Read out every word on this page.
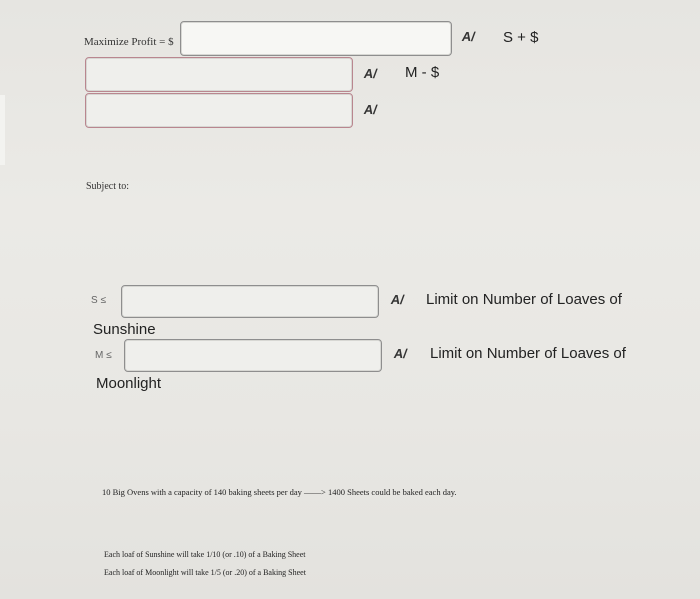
Maximize Profit = $	A/ S + $
A/ M - $
A/
Subject to:
S ≤	A/ Limit on Number of Loaves of
Sunshine
M ≤	A/ Limit on Number of Loaves of
Moonlight
10 Big Ovens with a capacity of 140 baking sheets per day ——> 1400 Sheets could be baked each day.
Each loaf of Sunshine will take 1/10 (or .10) of a Baking Sheet
Each loaf of Moonlight will take 1/5 (or .20) of a Baking Sheet
